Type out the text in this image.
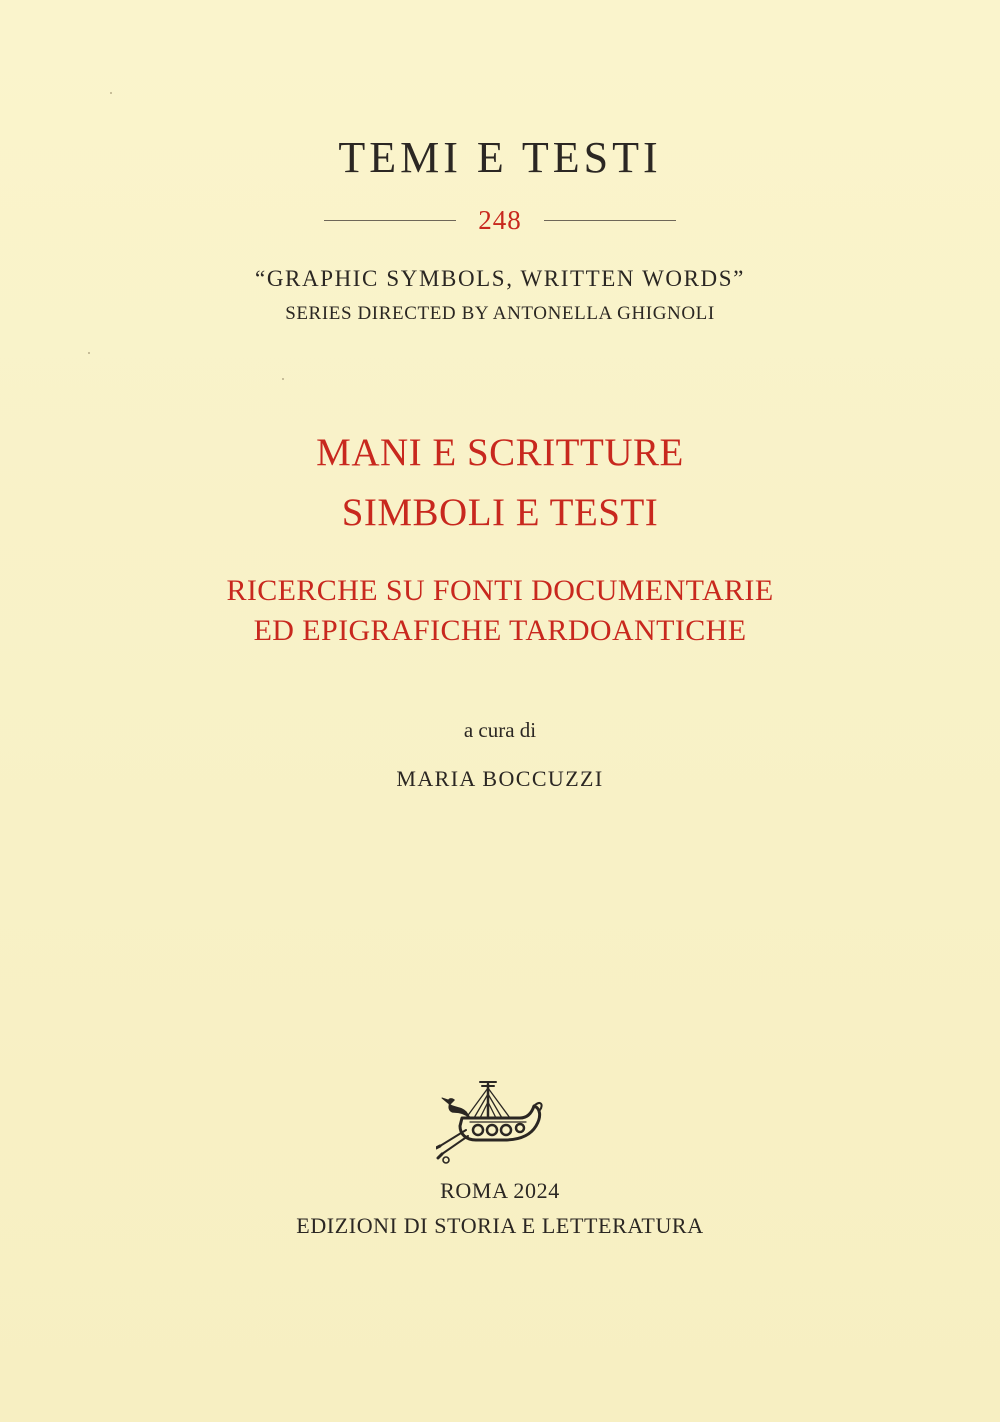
TEMI E TESTI
248
“GRAPHIC SYMBOLS, WRITTEN WORDS”
SERIES DIRECTED BY ANTONELLA GHIGNOLI
MANI E SCRITTURE
SIMBOLI E TESTI
RICERCHE SU FONTI DOCUMENTARIE
ED EPIGRAFICHE TARDOANTICHE
a cura di
MARIA BOCCUZZI
ROMA 2024
EDIZIONI DI STORIA E LETTERATURA
